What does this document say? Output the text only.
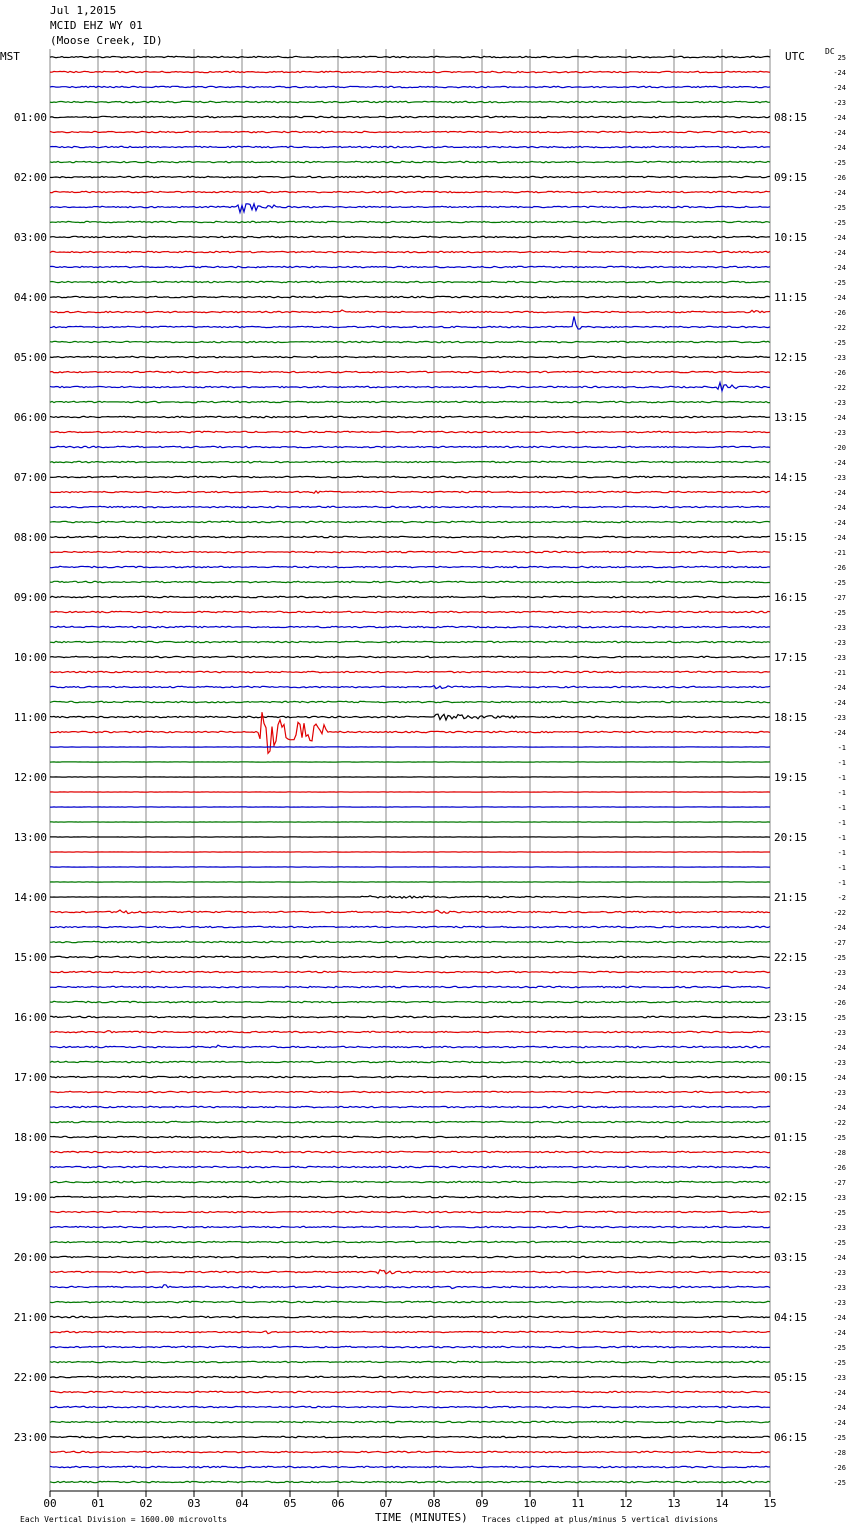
Jul 1,2015
MCID EHZ WY 01
(Moose Creek, ID)
MST	UTC	DC
00	01	02	03	04	05	06	07	08	09	10	11	12	13	14	15
01:00
02:00
03:00
04:00
05:00
06:00
07:00
08:00
09:00
10:00
11:00
12:00
13:00
14:00
15:00
16:00
17:00
18:00
19:00
20:00
21:00
22:00
23:00
08:15
09:15
10:15
11:15
12:15
13:15
14:15
15:15
16:15
17:15
18:15
19:15
20:15
21:15
22:15
23:15
00:15
01:15
02:15
03:15
04:15
05:15
06:15
25
-24
-24
-23
-24
-24
-24
-25
-26
-24
-25
-25
-24
-24
-24
-25
-24
-26
-22
-25
-23
-26
-22
-23
-24
-23
-20
-24
-23
-24
-24
-24
-24
-21
-26
-25
-27
-25
-23
-23
-23
-21
-24
-24
-23
-24
-1
-1
-1
-1
-1
-1
-1
-1
-1
-1
-2
-22
-24
-27
-25
-23
-24
-26
-25
-23
-24
-23
-24
-23
-24
-22
-25
-28
-26
-27
-23
-25
-23
-25
-24
-23
-23
-23
-24
-24
-25
-25
-23
-24
-24
-24
-25
-28
-26
-25
Each Vertical Division = 1600.00 microvolts	TIME (MINUTES) Traces clipped at plus/minus 5 vertical divisions
